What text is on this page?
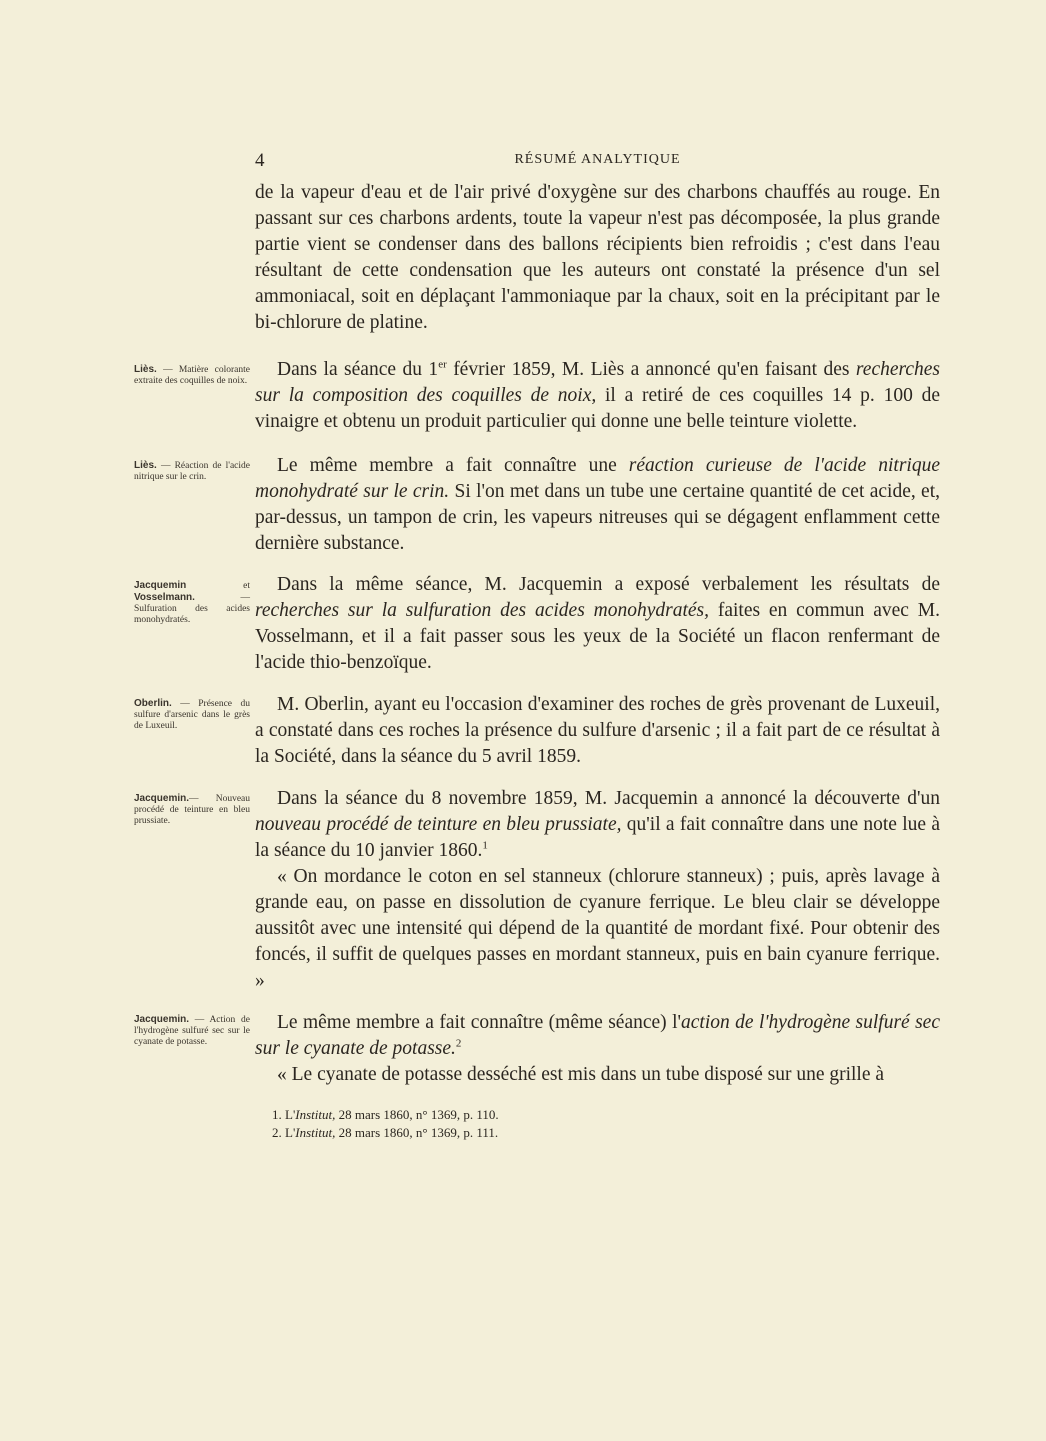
4	RÉSUMÉ ANALYTIQUE

de la vapeur d'eau et de l'air privé d'oxygène sur des charbons chauffés au rouge. En passant sur ces charbons ardents, toute la vapeur n'est pas décomposée, la plus grande partie vient se condenser dans des ballons récipients bien refroidis ; c'est dans l'eau résultant de cette condensation que les auteurs ont constaté la présence d'un sel ammoniacal, soit en déplaçant l'ammoniaque par la chaux, soit en la précipitant par le bi-chlorure de platine.

Liès. — Matière colorante extraite des coquilles de noix.

Dans la séance du 1er février 1859, M. Liès a annoncé qu'en faisant des recherches sur la composition des coquilles de noix, il a retiré de ces coquilles 14 p. 100 de vinaigre et obtenu un produit particulier qui donne une belle teinture violette.

Liès. — Réaction de l'acide nitrique sur le crin.

Le même membre a fait connaître une réaction curieuse de l'acide nitrique monohydraté sur le crin. Si l'on met dans un tube une certaine quantité de cet acide, et, par-dessus, un tampon de crin, les vapeurs nitreuses qui se dégagent enflamment cette dernière substance.

Jacquemin et Vosselmann. — Sulfuration des acides monohydratés.

Dans la même séance, M. Jacquemin a exposé verbalement les résultats de recherches sur la sulfuration des acides monohydratés, faites en commun avec M. Vosselmann, et il a fait passer sous les yeux de la Société un flacon renfermant de l'acide thio-benzoïque.

Oberlin. — Présence du sulfure d'arsenic dans le grès de Luxeuil.

M. Oberlin, ayant eu l'occasion d'examiner des roches de grès provenant de Luxeuil, a constaté dans ces roches la présence du sulfure d'arsenic ; il a fait part de ce résultat à la Société, dans la séance du 5 avril 1859.

Jacquemin.— Nouveau procédé de teinture en bleu prussiate.

Dans la séance du 8 novembre 1859, M. Jacquemin a annoncé la découverte d'un nouveau procédé de teinture en bleu prussiate, qu'il a fait connaître dans une note lue à la séance du 10 janvier 1860.$^1$

« On mordance le coton en sel stanneux (chlorure stanneux) ; puis, après lavage à grande eau, on passe en dissolution de cyanure ferrique. Le bleu clair se développe aussitôt avec une intensité qui dépend de la quantité de mordant fixé. Pour obtenir des foncés, il suffit de quelques passes en mordant stanneux, puis en bain cyanure ferrique. »

Jacquemin. — Action de l'hydrogène sulfuré sec sur le cyanate de potasse.

Le même membre a fait connaître (même séance) l'action de l'hydrogène sulfuré sec sur le cyanate de potasse.$^2$

« Le cyanate de potasse desséché est mis dans un tube disposé sur une grille à

1. L'Institut, 28 mars 1860, n° 1369, p. 110.
2. L'Institut, 28 mars 1860, n° 1369, p. 111.
